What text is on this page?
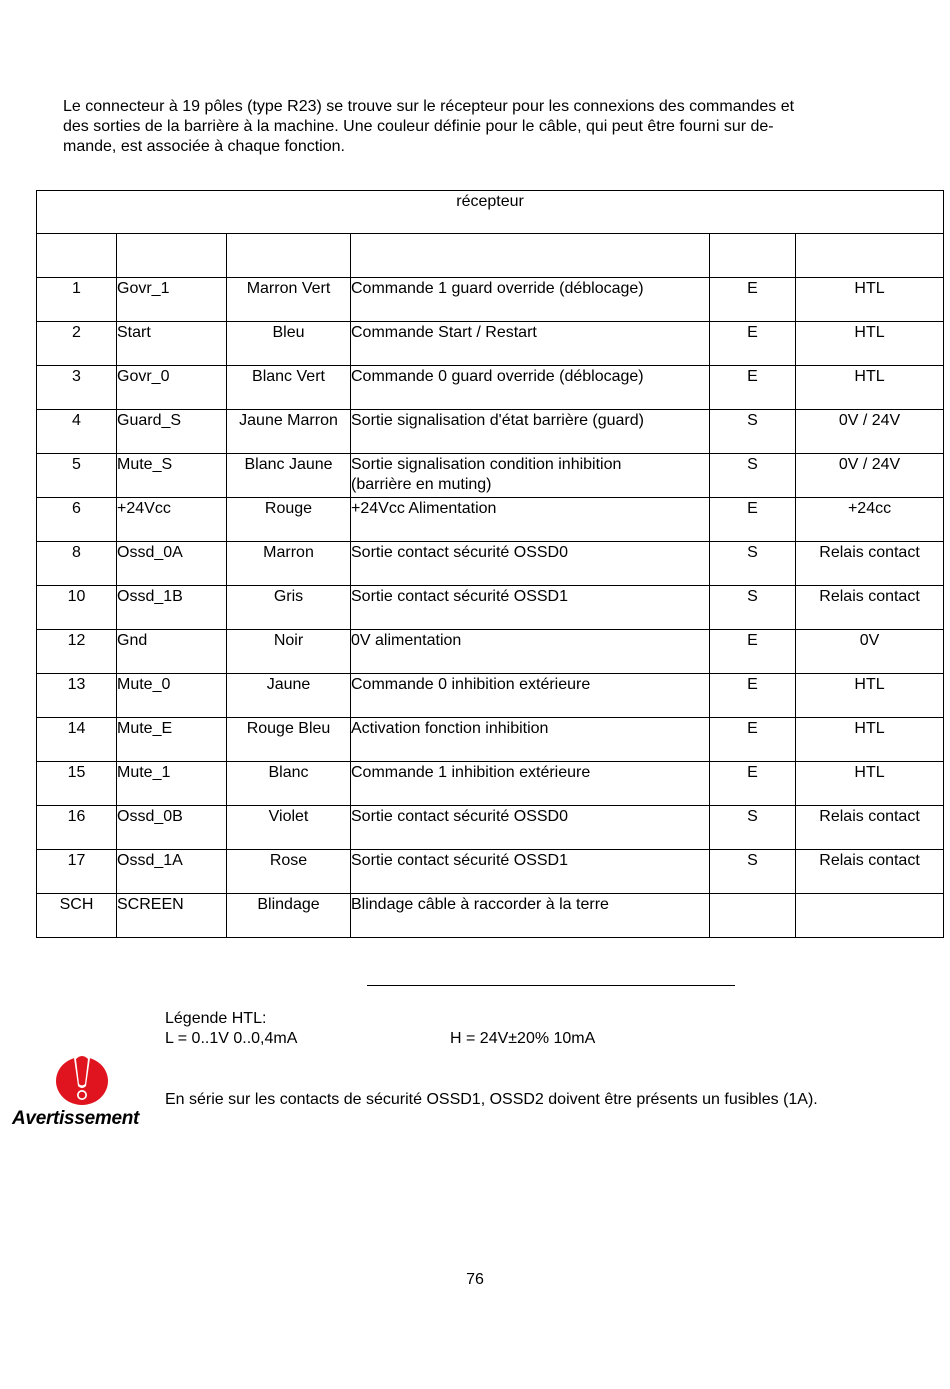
Le connecteur à 19 pôles (type R23) se trouve sur le récepteur pour les connexions des commandes et

des sorties de la barrière à la machine. Une couleur définie pour le câble, qui peut être fourni sur de-

mande, est associée à chaque fonction.

récepteur					

1	Govr_1	Marron Vert	Commande 1 guard override (déblocage)	E	HTL
2	Start	Bleu	Commande Start / Restart	E	HTL
3	Govr_0	Blanc Vert	Commande 0 guard override (déblocage)	E	HTL
4	Guard_S	Jaune Marron	Sortie signalisation d'état barrière (guard)	S	0V / 24V
5	Mute_S	Blanc Jaune	Sortie signalisation condition inhibition
(barrière en muting)	S	0V / 24V
6	+24Vcc	Rouge	+24Vcc Alimentation	E	+24cc
8	Ossd_0A	Marron	Sortie contact sécurité OSSD0	S	Relais contact
10	Ossd_1B	Gris	Sortie contact sécurité OSSD1	S	Relais contact
12	Gnd	Noir	0V alimentation	E	0V
13	Mute_0	Jaune	Commande 0 inhibition extérieure	E	HTL
14	Mute_E	Rouge Bleu	Activation fonction inhibition	E	HTL
15	Mute_1	Blanc	Commande 1 inhibition extérieure	E	HTL
16	Ossd_0B	Violet	Sortie contact sécurité OSSD0	S	Relais contact
17	Ossd_1A	Rose	Sortie contact sécurité OSSD1	S	Relais contact
SCH	SCREEN	Blindage	Blindage câble à raccorder à la terre		
Légende HTL:
L = 0..1V 0..0,4mA	H = 24V±20% 10mA
Avertissement
En série sur les contacts de sécurité OSSD1, OSSD2 doivent être présents un fusibles (1A).
76
